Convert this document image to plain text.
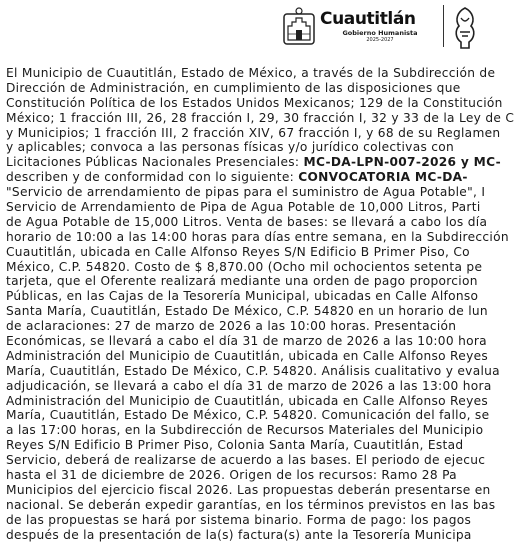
Cuautitlán
Gobierno Humanista
2025-2027
El Municipio de Cuautitlán, Estado de México, a través de la Subdirección de
Dirección de Administración, en cumplimiento de las disposiciones que
Constitución Política de los Estados Unidos Mexicanos; 129 de la Constitución
México; 1 fracción III, 26, 28 fracción I, 29, 30 fracción I, 32 y 33 de la Ley de C
y Municipios; 1 fracción III, 2 fracción XIV, 67 fracción I, y 68 de su Reglamen
y aplicables; convoca a las personas físicas y/o jurídico colectivas con
Licitaciones Públicas Nacionales Presenciales: MC-DA-LPN-007-2026 y MC-
describen y de conformidad con lo siguiente: CONVOCATORIA MC-DA-
"Servicio de arrendamiento de pipas para el suministro de Agua Potable", I
Servicio de Arrendamiento de Pipa de Agua Potable de 10,000 Litros, Parti
de Agua Potable de 15,000 Litros. Venta de bases: se llevará a cabo los día
horario de 10:00 a las 14:00 horas para días entre semana, en la Subdirección
Cuautitlán, ubicada en Calle Alfonso Reyes S/N Edificio B Primer Piso, Co
México, C.P. 54820. Costo de $ 8,870.00 (Ocho mil ochocientos setenta pe
tarjeta, que el Oferente realizará mediante una orden de pago proporcion
Públicas, en las Cajas de la Tesorería Municipal, ubicadas en Calle Alfonso
Santa María, Cuautitlán, Estado De México, C.P. 54820 en un horario de lun
de aclaraciones: 27 de marzo de 2026 a las 10:00 horas. Presentación
Económicas, se llevará a cabo el día 31 de marzo de 2026 a las 10:00 hora
Administración del Municipio de Cuautitlán, ubicada en Calle Alfonso Reyes
María, Cuautitlán, Estado De México, C.P. 54820. Análisis cualitativo y evalua
adjudicación, se llevará a cabo el día 31 de marzo de 2026 a las 13:00 hora
Administración del Municipio de Cuautitlán, ubicada en Calle Alfonso Reyes
María, Cuautitlán, Estado De México, C.P. 54820. Comunicación del fallo, se
a las 17:00 horas, en la Subdirección de Recursos Materiales del Municipio
Reyes S/N Edificio B Primer Piso, Colonia Santa María, Cuautitlán, Estad
Servicio, deberá de realizarse de acuerdo a las bases. El periodo de ejecuc
hasta el 31 de diciembre de 2026. Origen de los recursos: Ramo 28 Pa
Municipios del ejercicio fiscal 2026. Las propuestas deberán presentarse en
nacional. Se deberán expedir garantías, en los términos previstos en las bas
de las propuestas se hará por sistema binario. Forma de pago: los pagos
después de la presentación de la(s) factura(s) ante la Tesorería Municipa
